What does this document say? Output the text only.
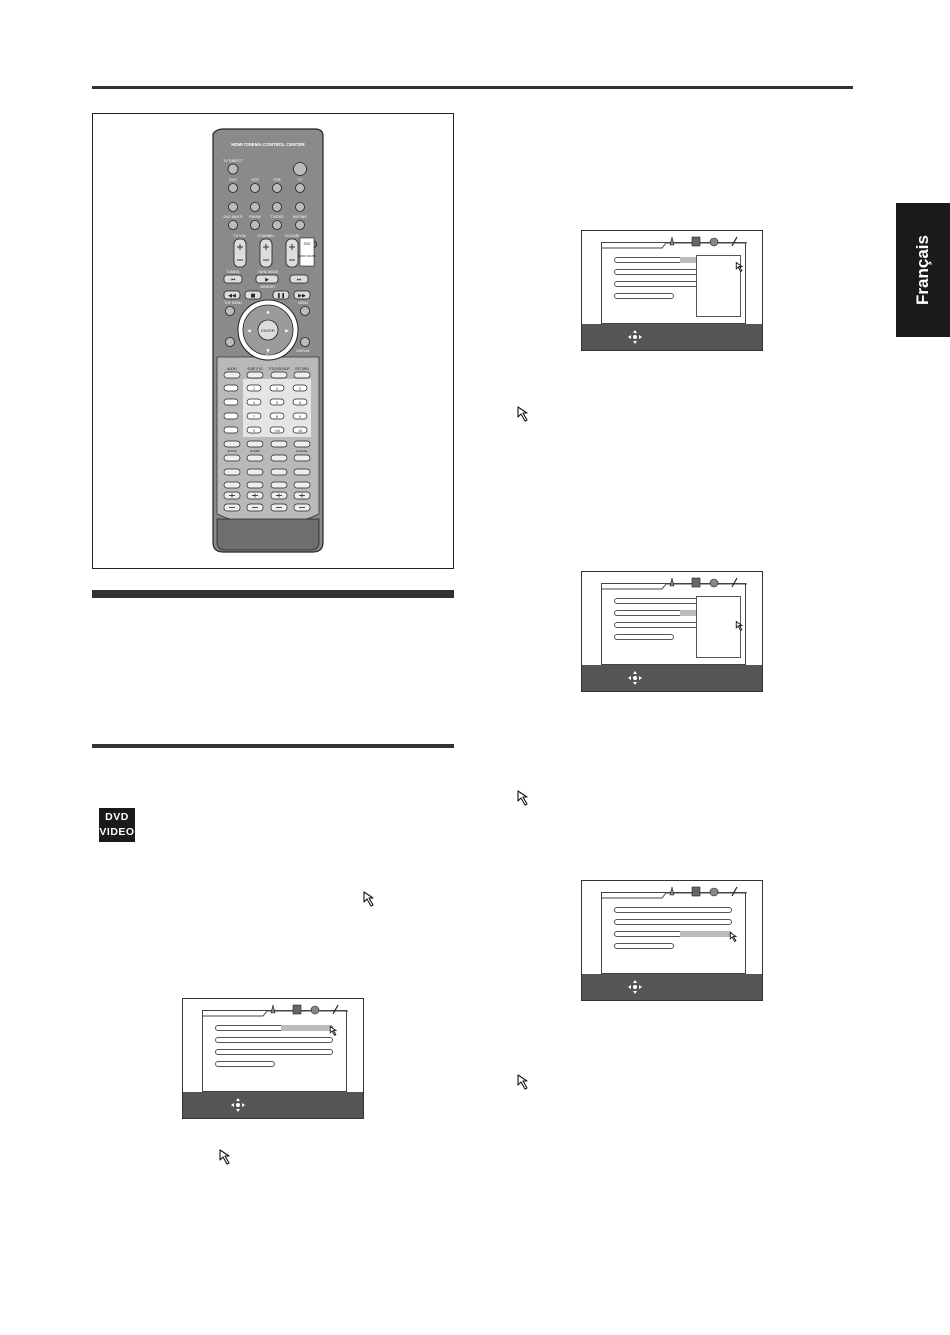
Français
HDMI CINEMA CONTROL CENTER
TV DIRECT
DVD	VCR	STB	TV
DVD MULTI FM/AM	TV/DVD	MUTING
TV VOL	CHANNEL	VOLUME
DVD
AUDIO SOUND
TUNING	TUNE MODE
MEMORY
⏮	▶	⏭
◀◀	■	❚❚	▶▶
TOP MENU	MENU
ENTER
▲
▼
◀	▶
PTY SEARCH
DISPLAY
AUDIO	SUBTITLE TITLE/GROUP RETURN
1	2	3
4	5	6
7	8	9
0	+10	10
ZOOM	SLEEP	CANCEL
DVD
VIDEO
